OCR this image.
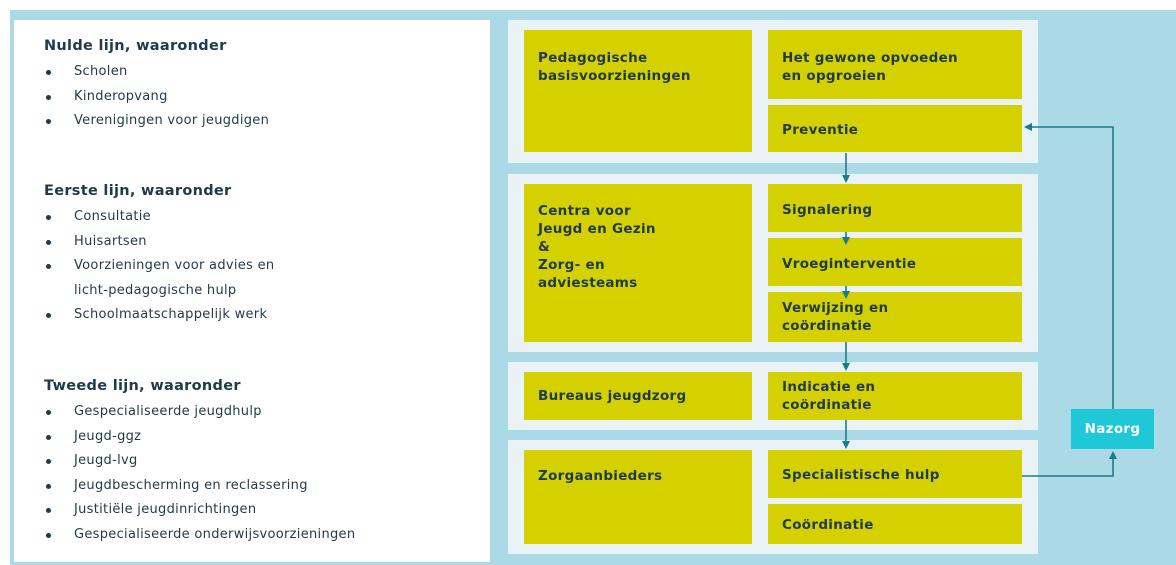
Nulde lijn, waaronder
Scholen
Kinderopvang
Verenigingen voor jeugdigen
Eerste lijn, waaronder
Consultatie
Huisartsen
Voorzieningen voor advies en
licht-pedagogische hulp
Schoolmaatschappelijk werk
Tweede lijn, waaronder
Gespecialiseerde jeugdhulp
Jeugd-ggz
Jeugd-lvg
Jeugdbescherming en reclassering
Justitiële jeugdinrichtingen
Gespecialiseerde onderwijsvoorzieningen
Pedagogische
basisvoorzieningen
Het gewone opvoeden
en opgroeien
Preventie
Centra voor
Jeugd en Gezin
&
Zorg- en
adviesteams
Signalering
Vroeginterventie
Verwijzing en
coördinatie
Bureaus jeugdzorg
Indicatie en
coördinatie
Zorgaanbieders	Specialistische hulp
Coördinatie
Nazorg
